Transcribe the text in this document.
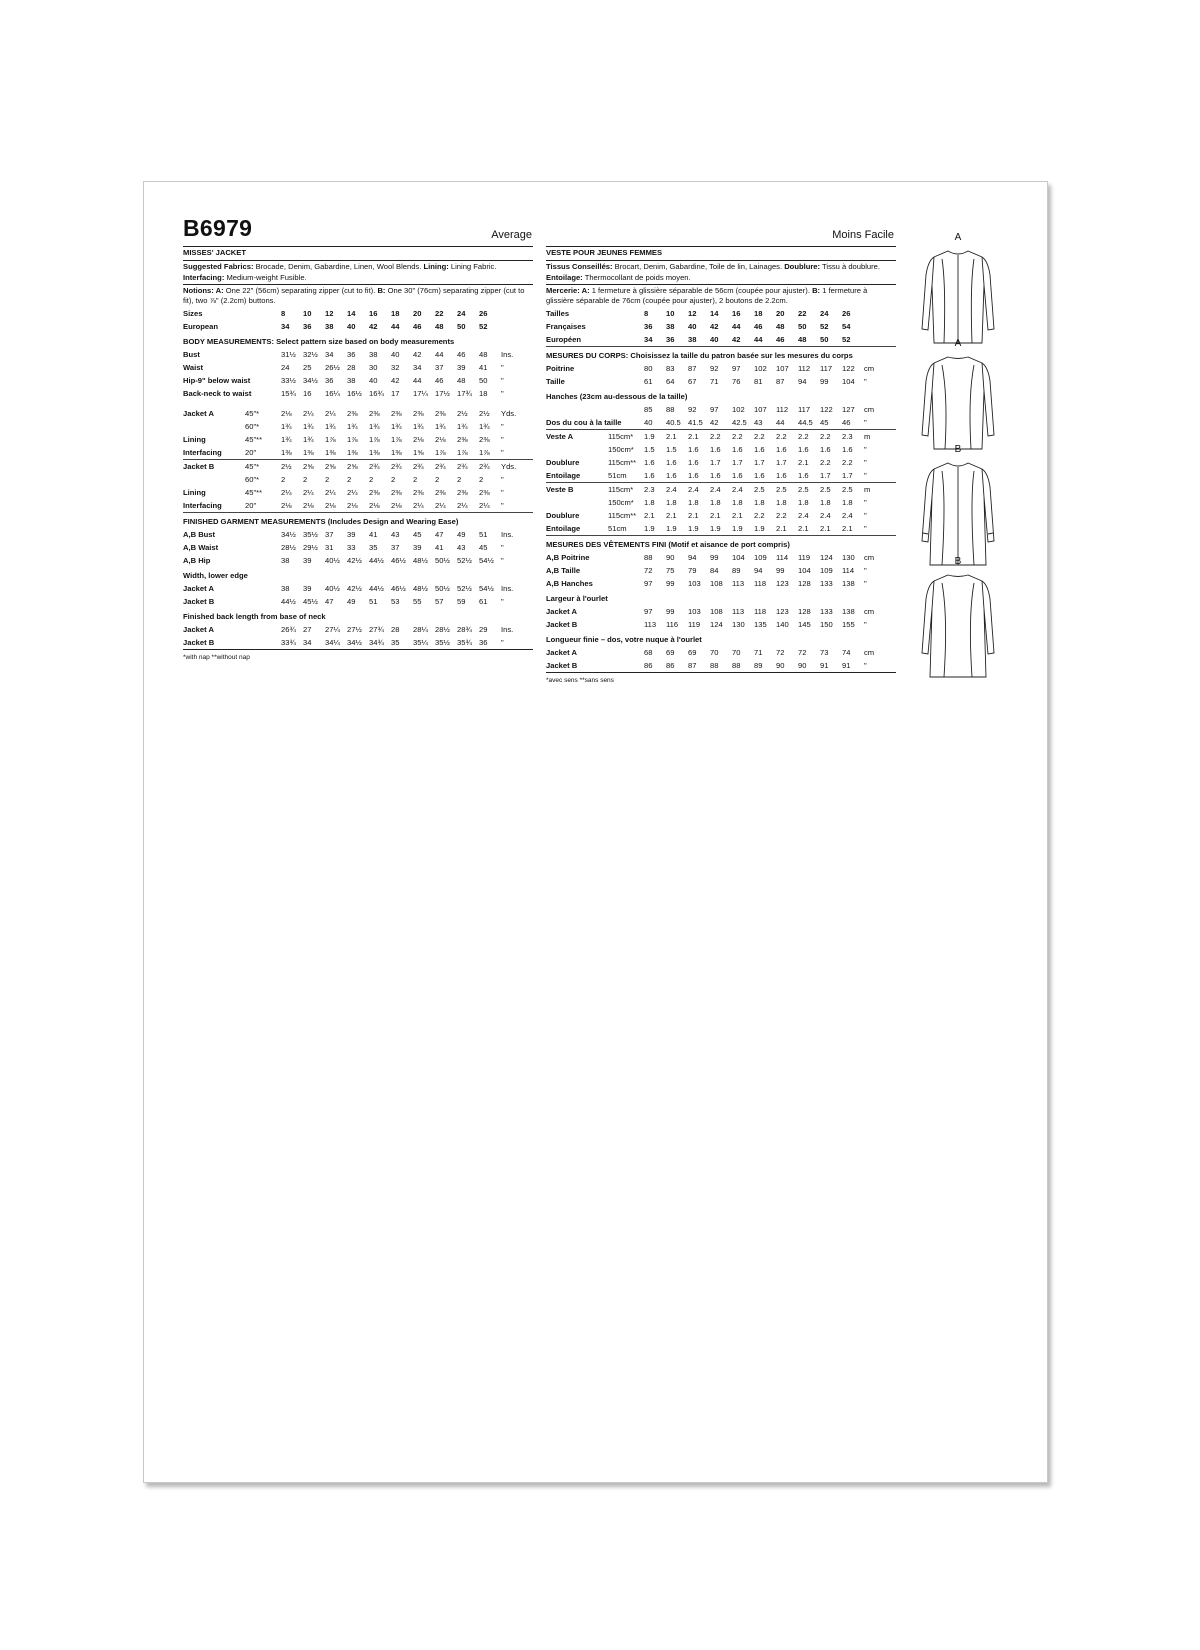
B6979	Average	Moins Facile
MISSES' JACKET
Suggested Fabrics: Brocade, Denim, Gabardine, Linen, Wool Blends. Lining: Lining Fabric.
Interfacing: Medium-weight Fusible.
Notions: A: One 22" (56cm) separating zipper (cut to fit). B: One 30" (76cm) separating zipper (cut to fit), two ⅞" (2.2cm) buttons.
Sizes		8	10	12	14	16	18	20	22	24	26	
European		34	36	38	40	42	44	46	48	50	52	
BODY MEASUREMENTS: Select pattern size based on body measurements												
Bust		31½	32½	34	36	38	40	42	44	46	48	Ins.
Waist		24	25	26½	28	30	32	34	37	39	41	"
Hip-9" below waist		33½	34½	36	38	40	42	44	46	48	50	"
Back-neck to waist		15¾	16	16¼	16½	16¾	17	17¼	17½	17¾	18	"
Jacket A	45"*	2⅛	2¼	2¼	2⅜	2⅜	2⅜	2⅜	2⅜	2½	2½	Yds.
	60"*	1¾	1¾	1¾	1¾	1¾	1¾	1¾	1¾	1¾	1¾	"
Lining	45"**	1¾	1¾	1⅞	1⅞	1⅞	1⅞	2⅛	2⅛	2⅜	2⅜	"
Interfacing	20"	1⅜	1⅜	1⅜	1⅜	1⅜	1⅜	1⅝	1⅞	1⅞	1⅞	"
Jacket B	45"*	2½	2⅝	2⅝	2⅝	2¾	2¾	2¾	2¾	2¾	2¾	Yds.
	60"*	2	2	2	2	2	2	2	2	2	2	"
Lining	45"**	2¼	2¼	2¼	2¼	2⅜	2⅜	2⅜	2⅜	2⅜	2⅜	"
Interfacing	20"	2⅛	2⅛	2⅛	2⅛	2⅛	2⅛	2¼	2¼	2¼	2¼	"
FINISHED GARMENT MEASUREMENTS (Includes Design and Wearing Ease)												
A,B Bust		34½	35½	37	39	41	43	45	47	49	51	Ins.
A,B Waist		28½	29½	31	33	35	37	39	41	43	45	"
A,B Hip		38	39	40½	42½	44½	46½	48½	50½	52½	54½	"
Width, lower edge												
Jacket A		38	39	40½	42½	44½	46½	48½	50½	52½	54½	Ins.
Jacket B		44½	45½	47	49	51	53	55	57	59	61	"
Finished back length from base of neck												
Jacket A		26¾	27	27¼	27½	27¾	28	28¼	28½	28¾	29	Ins.
Jacket B		33¾	34	34¼	34½	34¾	35	35¼	35½	35¾	36	"
*with nap **without nap
VESTE POUR JEUNES FEMMES
Tissus Conseillés: Brocart, Denim, Gabardine, Toile de lin, Lainages. Doublure: Tissu à doublure.
Entoilage: Thermocollant de poids moyen.
Mercerie: A: 1 fermeture à glissière séparable de 56cm (coupée pour ajuster). B: 1 fermeture à glissière séparable de 76cm (coupée pour ajuster), 2 boutons de 2.2cm.
Tailles		8	10	12	14	16	18	20	22	24	26	
Françaises		36	38	40	42	44	46	48	50	52	54	
Européen		34	36	38	40	42	44	46	48	50	52	
MESURES DU CORPS: Choisissez la taille du patron basée sur les mesures du corps												
Poitrine		80	83	87	92	97	102	107	112	117	122	cm
Taille		61	64	67	71	76	81	87	94	99	104	"
Hanches (23cm au-dessous de la taille)												
		85	88	92	97	102	107	112	117	122	127	cm
Dos du cou à la taille		40	40.5	41.5	42	42.5	43	44	44.5	45	46	"
Veste A	115cm*	1.9	2.1	2.1	2.2	2.2	2.2	2.2	2.2	2.2	2.3	m
	150cm*	1.5	1.5	1.6	1.6	1.6	1.6	1.6	1.6	1.6	1.6	"
Doublure	115cm**	1.6	1.6	1.6	1.7	1.7	1.7	1.7	2.1	2.2	2.2	"
Entoilage	51cm	1.6	1.6	1.6	1.6	1.6	1.6	1.6	1.6	1.7	1.7	"
Veste B	115cm*	2.3	2.4	2.4	2.4	2.4	2.5	2.5	2.5	2.5	2.5	m
	150cm*	1.8	1.8	1.8	1.8	1.8	1.8	1.8	1.8	1.8	1.8	"
Doublure	115cm**	2.1	2.1	2.1	2.1	2.1	2.2	2.2	2.4	2.4	2.4	"
Entoilage	51cm	1.9	1.9	1.9	1.9	1.9	1.9	2.1	2.1	2.1	2.1	"
MESURES DES VÊTEMENTS FINI (Motif et aisance de port compris)												
A,B Poitrine		88	90	94	99	104	109	114	119	124	130	cm
A,B Taille		72	75	79	84	89	94	99	104	109	114	"
A,B Hanches		97	99	103	108	113	118	123	128	133	138	"
Largeur à l'ourlet												
Jacket A		97	99	103	108	113	118	123	128	133	138	cm
Jacket B		113	116	119	124	130	135	140	145	150	155	"
Longueur finie – dos, votre nuque à l'ourlet												
Jacket A		68	69	69	70	70	71	72	72	73	74	cm
Jacket B		86	86	87	88	88	89	90	90	91	91	"
*avec sens **sans sens
A
A
B
B
